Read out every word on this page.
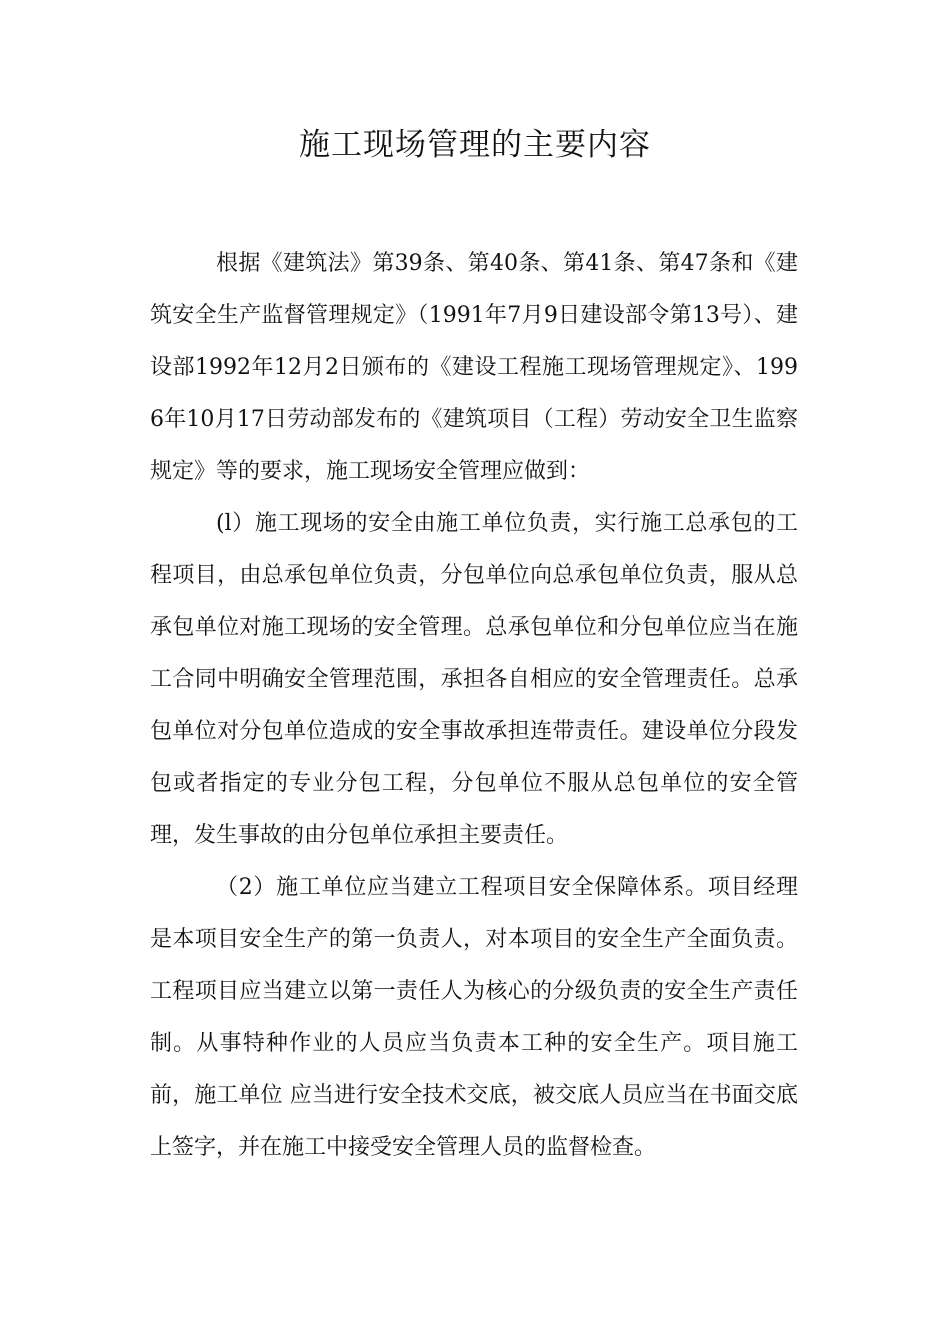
施工现场管理的主要内容

根据《建筑法》第39条、第40条、第41条、第47条和《建筑安全生产监督管理规定》（1991年7月9日建设部令第13号）、建设部1992年12月2日颁布的《建设工程施工现场管理规定》、1996年10月17日劳动部发布的《建筑项目（工程）劳动安全卫生监察规定》等的要求，施工现场安全管理应做到：

(l）施工现场的安全由施工单位负责，实行施工总承包的工程项目，由总承包单位负责，分包单位向总承包单位负责，服从总承包单位对施工现场的安全管理。总承包单位和分包单位应当在施工合同中明确安全管理范围，承担各自相应的安全管理责任。总承包单位对分包单位造成的安全事故承担连带责任。建设单位分段发包或者指定的专业分包工程，分包单位不服从总包单位的安全管理，发生事故的由分包单位承担主要责任。

（2）施工单位应当建立工程项目安全保障体系。项目经理是本项目安全生产的第一负责人，对本项目的安全生产全面负责。工程项目应当建立以第一责任人为核心的分级负责的安全生产责任制。从事特种作业的人员应当负责本工种的安全生产。项目施工前，施工单位 应当进行安全技术交底，被交底人员应当在书面交底上签字，并在施工中接受安全管理人员的监督检查。
